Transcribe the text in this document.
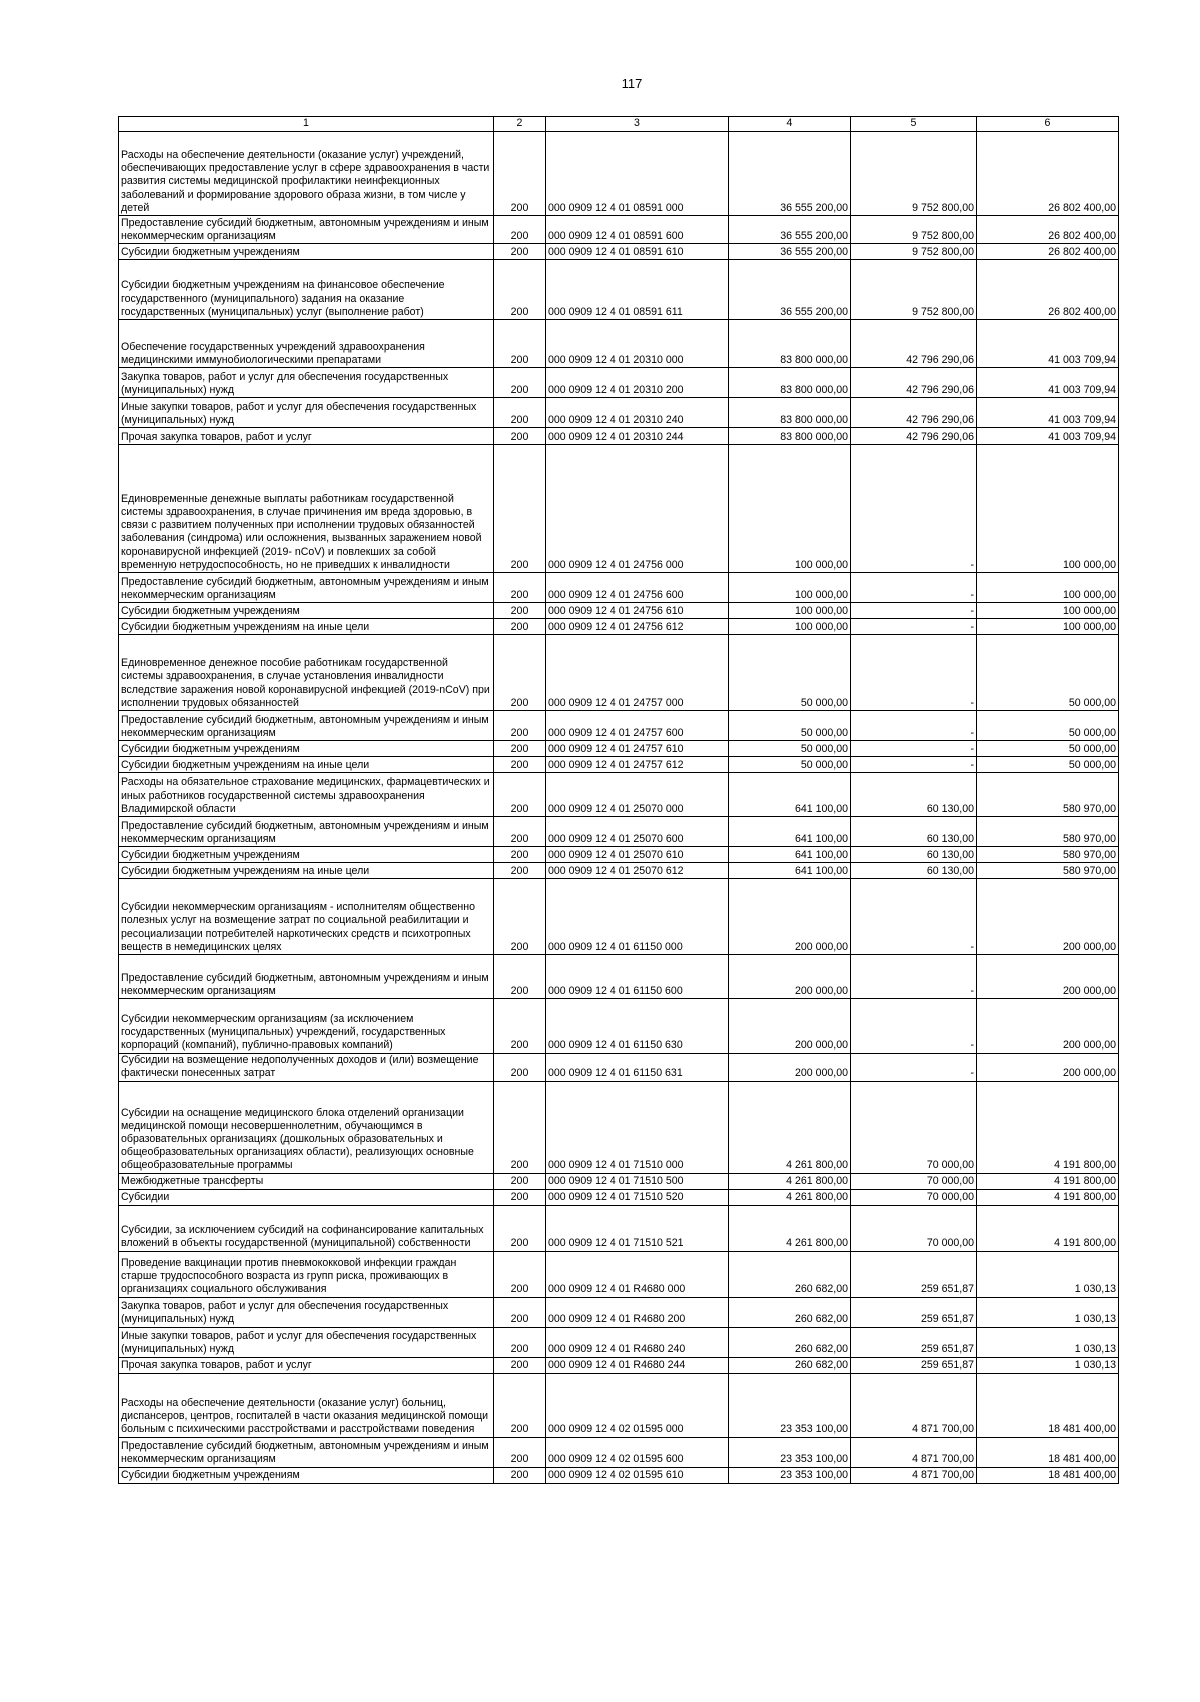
117
1	2	3	4	5	6
Расходы на обеспечение деятельности (оказание услуг) учреждений, обеспечивающих предоставление услуг в сфере здравоохранения в части развития системы медицинской профилактики неинфекционных заболеваний и формирование здорового образа жизни, в том числе у детей	200	000 0909 12 4 01 08591 000	36 555 200,00	9 752 800,00	26 802 400,00
Предоставление субсидий бюджетным, автономным учреждениям и иным некоммерческим организациям	200	000 0909 12 4 01 08591 600	36 555 200,00	9 752 800,00	26 802 400,00
Субсидии бюджетным учреждениям	200	000 0909 12 4 01 08591 610	36 555 200,00	9 752 800,00	26 802 400,00
Субсидии бюджетным учреждениям на финансовое обеспечение государственного (муниципального) задания на оказание государственных (муниципальных) услуг (выполнение работ)	200	000 0909 12 4 01 08591 611	36 555 200,00	9 752 800,00	26 802 400,00
Обеспечение государственных учреждений здравоохранения медицинскими иммунобиологическими препаратами	200	000 0909 12 4 01 20310 000	83 800 000,00	42 796 290,06	41 003 709,94
Закупка товаров, работ и услуг для обеспечения государственных (муниципальных) нужд	200	000 0909 12 4 01 20310 200	83 800 000,00	42 796 290,06	41 003 709,94
Иные закупки товаров, работ и услуг для обеспечения государственных (муниципальных) нужд	200	000 0909 12 4 01 20310 240	83 800 000,00	42 796 290,06	41 003 709,94
Прочая закупка товаров, работ и услуг	200	000 0909 12 4 01 20310 244	83 800 000,00	42 796 290,06	41 003 709,94
Единовременные денежные выплаты работникам государственной системы здравоохранения, в случае причинения им вреда здоровью, в связи с развитием полученных при исполнении трудовых обязанностей заболевания (синдрома) или осложнения, вызванных заражением новой коронавирусной инфекцией (2019- nCoV) и повлекших за собой временную нетрудоспособность, но не приведших к инвалидности	200	000 0909 12 4 01 24756 000	100 000,00	-	100 000,00
Предоставление субсидий бюджетным, автономным учреждениям и иным некоммерческим организациям	200	000 0909 12 4 01 24756 600	100 000,00	-	100 000,00
Субсидии бюджетным учреждениям	200	000 0909 12 4 01 24756 610	100 000,00	-	100 000,00
Субсидии бюджетным учреждениям на иные цели	200	000 0909 12 4 01 24756 612	100 000,00	-	100 000,00
Единовременное денежное пособие работникам государственной системы здравоохранения, в случае установления инвалидности вследствие заражения новой коронавирусной инфекцией (2019-nCoV) при исполнении трудовых обязанностей	200	000 0909 12 4 01 24757 000	50 000,00	-	50 000,00
Предоставление субсидий бюджетным, автономным учреждениям и иным некоммерческим организациям	200	000 0909 12 4 01 24757 600	50 000,00	-	50 000,00
Субсидии бюджетным учреждениям	200	000 0909 12 4 01 24757 610	50 000,00	-	50 000,00
Субсидии бюджетным учреждениям на иные цели	200	000 0909 12 4 01 24757 612	50 000,00	-	50 000,00
Расходы на обязательное страхование медицинских, фармацевтических и иных работников государственной системы здравоохранения Владимирской области	200	000 0909 12 4 01 25070 000	641 100,00	60 130,00	580 970,00
Предоставление субсидий бюджетным, автономным учреждениям и иным некоммерческим организациям	200	000 0909 12 4 01 25070 600	641 100,00	60 130,00	580 970,00
Субсидии бюджетным учреждениям	200	000 0909 12 4 01 25070 610	641 100,00	60 130,00	580 970,00
Субсидии бюджетным учреждениям на иные цели	200	000 0909 12 4 01 25070 612	641 100,00	60 130,00	580 970,00
Субсидии некоммерческим организациям - исполнителям общественно полезных услуг на возмещение затрат по социальной реабилитации и ресоциализации потребителей наркотических средств и психотропных веществ в немедицинских целях	200	000 0909 12 4 01 61150 000	200 000,00	-	200 000,00
Предоставление субсидий бюджетным, автономным учреждениям и иным некоммерческим организациям	200	000 0909 12 4 01 61150 600	200 000,00	-	200 000,00
Субсидии некоммерческим организациям (за исключением государственных (муниципальных) учреждений, государственных корпораций (компаний), публично-правовых компаний)	200	000 0909 12 4 01 61150 630	200 000,00	-	200 000,00
Субсидии на возмещение недополученных доходов и (или) возмещение фактически понесенных затрат	200	000 0909 12 4 01 61150 631	200 000,00	-	200 000,00
Субсидии на оснащение медицинского блока отделений организации медицинской помощи несовершеннолетним, обучающимся в образовательных организациях (дошкольных образовательных и общеобразовательных организациях области), реализующих основные общеобразовательные программы	200	000 0909 12 4 01 71510 000	4 261 800,00	70 000,00	4 191 800,00
Межбюджетные трансферты	200	000 0909 12 4 01 71510 500	4 261 800,00	70 000,00	4 191 800,00
Субсидии	200	000 0909 12 4 01 71510 520	4 261 800,00	70 000,00	4 191 800,00
Субсидии, за исключением субсидий на софинансирование капитальных вложений в объекты государственной (муниципальной) собственности	200	000 0909 12 4 01 71510 521	4 261 800,00	70 000,00	4 191 800,00
Проведение вакцинации против пневмококковой инфекции граждан старше трудоспособного возраста из групп риска, проживающих в организациях социального обслуживания	200	000 0909 12 4 01 R4680 000	260 682,00	259 651,87	1 030,13
Закупка товаров, работ и услуг для обеспечения государственных (муниципальных) нужд	200	000 0909 12 4 01 R4680 200	260 682,00	259 651,87	1 030,13
Иные закупки товаров, работ и услуг для обеспечения государственных (муниципальных) нужд	200	000 0909 12 4 01 R4680 240	260 682,00	259 651,87	1 030,13
Прочая закупка товаров, работ и услуг	200	000 0909 12 4 01 R4680 244	260 682,00	259 651,87	1 030,13
Расходы на обеспечение деятельности (оказание услуг) больниц, диспансеров, центров, госпиталей в части оказания медицинской помощи больным с психическими расстройствами и расстройствами поведения	200	000 0909 12 4 02 01595 000	23 353 100,00	4 871 700,00	18 481 400,00
Предоставление субсидий бюджетным, автономным учреждениям и иным некоммерческим организациям	200	000 0909 12 4 02 01595 600	23 353 100,00	4 871 700,00	18 481 400,00
Субсидии бюджетным учреждениям	200	000 0909 12 4 02 01595 610	23 353 100,00	4 871 700,00	18 481 400,00
